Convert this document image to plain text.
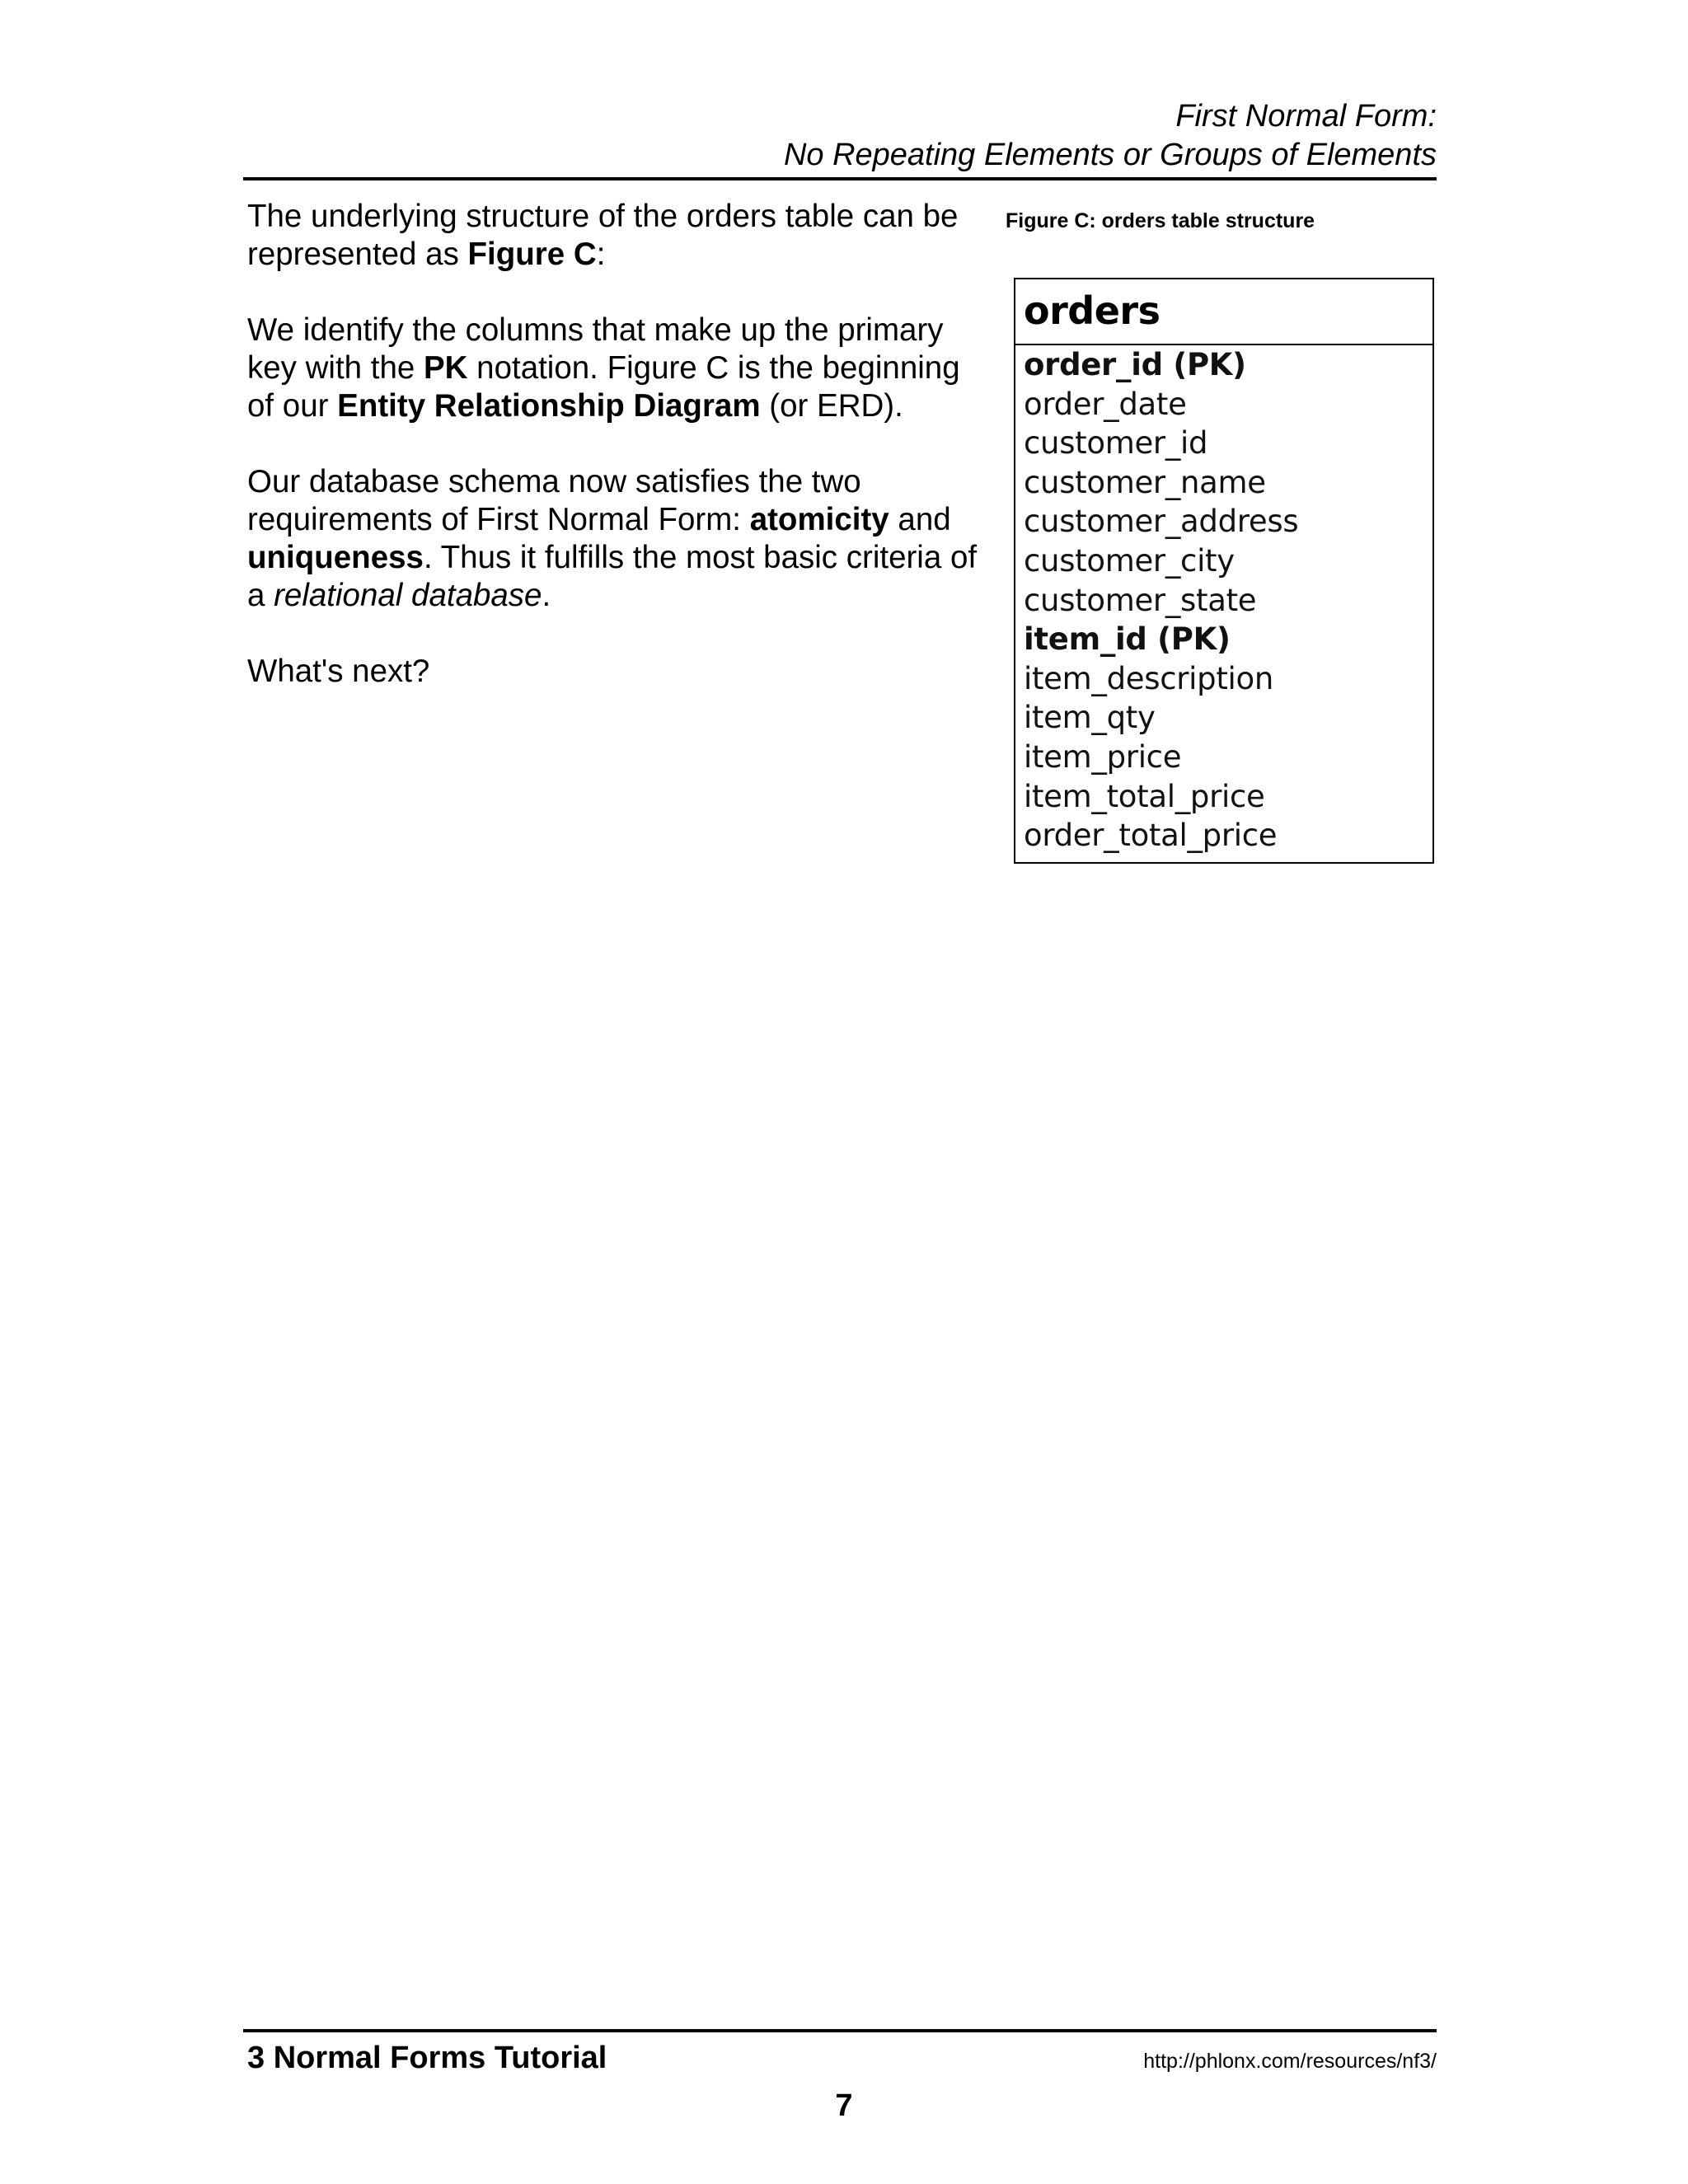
First Normal Form:
No Repeating Elements or Groups of Elements

The underlying structure of the orders table can be represented as Figure C:

We identify the columns that make up the primary key with the PK notation. Figure C is the beginning of our Entity Relationship Diagram (or ERD).

Our database schema now satisfies the two requirements of First Normal Form: atomicity and uniqueness. Thus it fulfills the most basic criteria of a relational database.

What's next?

Figure C: orders table structure
orders
order_id (PK)
order_date
customer_id
customer_name
customer_address
customer_city
customer_state
item_id (PK)
item_description
item_qty
item_price
item_total_price
order_total_price
3 Normal Forms Tutorial	http://phlonx.com/resources/nf3/
7
